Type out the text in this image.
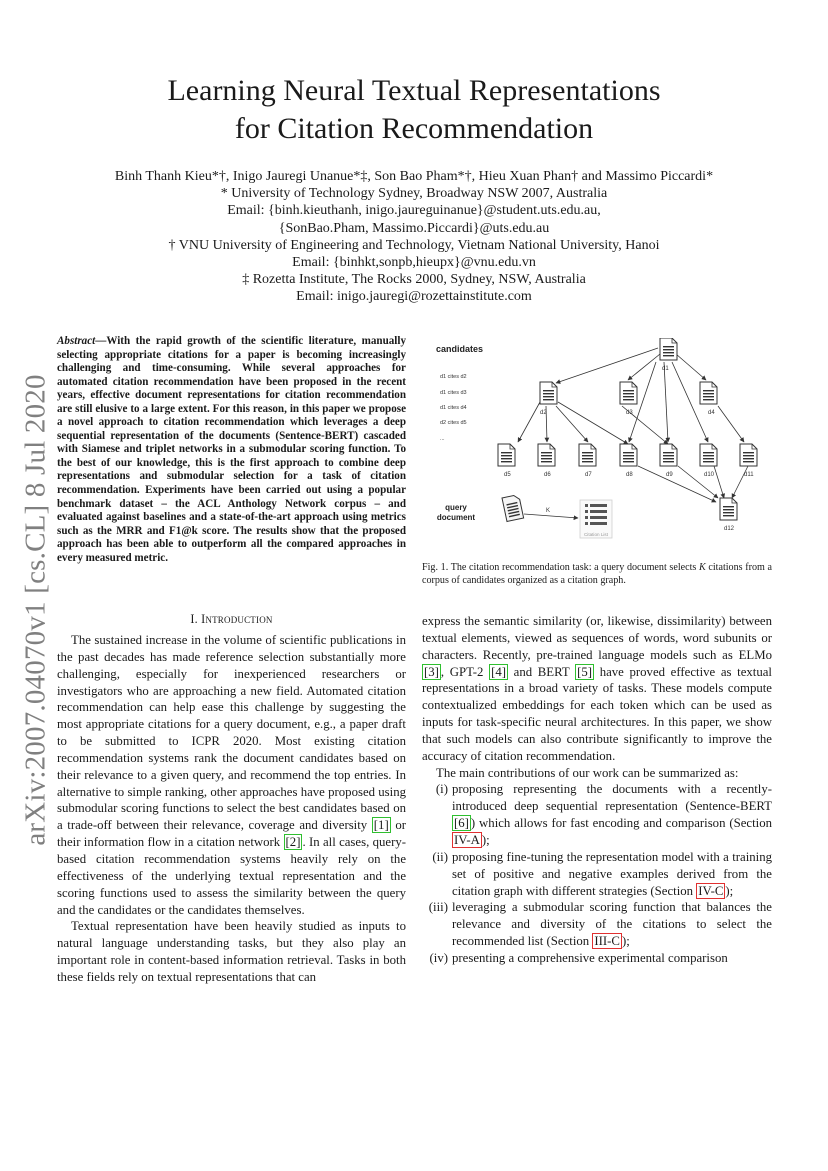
Learning Neural Textual Representations
for Citation Recommendation
Binh Thanh Kieu*†, Inigo Jauregi Unanue*‡, Son Bao Pham*†, Hieu Xuan Phan† and Massimo Piccardi*
* University of Technology Sydney, Broadway NSW 2007, Australia
Email: {binh.kieuthanh, inigo.jaureguinanue}@student.uts.edu.au,
{SonBao.Pham, Massimo.Piccardi}@uts.edu.au
† VNU University of Engineering and Technology, Vietnam National University, Hanoi
Email: {binhkt,sonpb,hieupx}@vnu.edu.vn
‡ Rozetta Institute, The Rocks 2000, Sydney, NSW, Australia
Email: inigo.jauregi@rozettainstitute.com
arXiv:2007.04070v1 [cs.CL] 8 Jul 2020
Abstract—With the rapid growth of the scientific literature, manually selecting appropriate citations for a paper is becoming increasingly challenging and time-consuming. While several approaches for automated citation recommendation have been proposed in the recent years, effective document representations for citation recommendation are still elusive to a large extent. For this reason, in this paper we propose a novel approach to citation recommendation which leverages a deep sequential representation of the documents (Sentence-BERT) cascaded with Siamese and triplet networks in a submodular scoring function. To the best of our knowledge, this is the first approach to combine deep representations and submodular selection for a task of citation recommendation. Experiments have been carried out using a popular benchmark dataset – the ACL Anthology Network corpus – and evaluated against baselines and a state-of-the-art approach using metrics such as the MRR and F1@k score. The results show that the proposed approach has been able to outperform all the compared approaches in every measured metric.
I. Introduction

The sustained increase in the volume of scientific publications in the past decades has made reference selection substantially more challenging, especially for inexperienced researchers or investigators who are approaching a new field. Automated citation recommendation can help ease this challenge by suggesting the most appropriate citations for a query document, e.g., a paper draft to be submitted to ICPR 2020. Most existing citation recommendation systems rank the document candidates based on their relevance to a given query, and recommend the top entries. In alternative to simple ranking, other approaches have proposed using submodular scoring functions to select the best candidates based on a trade-off between their relevance, coverage and diversity [1] or their information flow in a citation network [2] . In all cases, query-based citation recommendation systems heavily rely on the effectiveness of the underlying textual representation and the scoring functions used to assess the similarity between the query and the candidates or the candidates themselves.

Textual representation have been heavily studied as inputs to natural language understanding tasks, but they also play an important role in content-based information retrieval. Tasks in both these fields rely on textual representations that can

candidates
d1 cites d2
d1 cites d3
d1 cites d4
d2 cites d5
...
d1
d2	d3	d4
d5	d6	d7	d8	d9	d10	d11
d12
query
document
K
Citation List
Fig. 1. The citation recommendation task: a query document selects K citations from a corpus of candidates organized as a citation graph.

express the semantic similarity (or, likewise, dissimilarity) between textual elements, viewed as sequences of words, word subunits or characters. Recently, pre-trained language models such as ELMo [3] , GPT-2 [4] and BERT [5] have proved effective as textual representations in a broad variety of tasks. These models compute contextualized embeddings for each token which can be used as inputs for task-specific neural architectures. In this paper, we show that such models can also contribute significantly to improve the accuracy of citation recommendation.

The main contributions of our work can be summarized as:

(i) proposing representing the documents with a recently-introduced deep sequential representation (Sentence-BERT [6] ) which allows for fast encoding and comparison (Section IV-A );
(ii) proposing fine-tuning the representation model with a training set of positive and negative examples derived from the citation graph with different strategies (Section IV-C );
(iii) leveraging a submodular scoring function that balances the relevance and diversity of the citations to select the recommended list (Section III-C );
(iv) presenting a comprehensive experimental comparison
